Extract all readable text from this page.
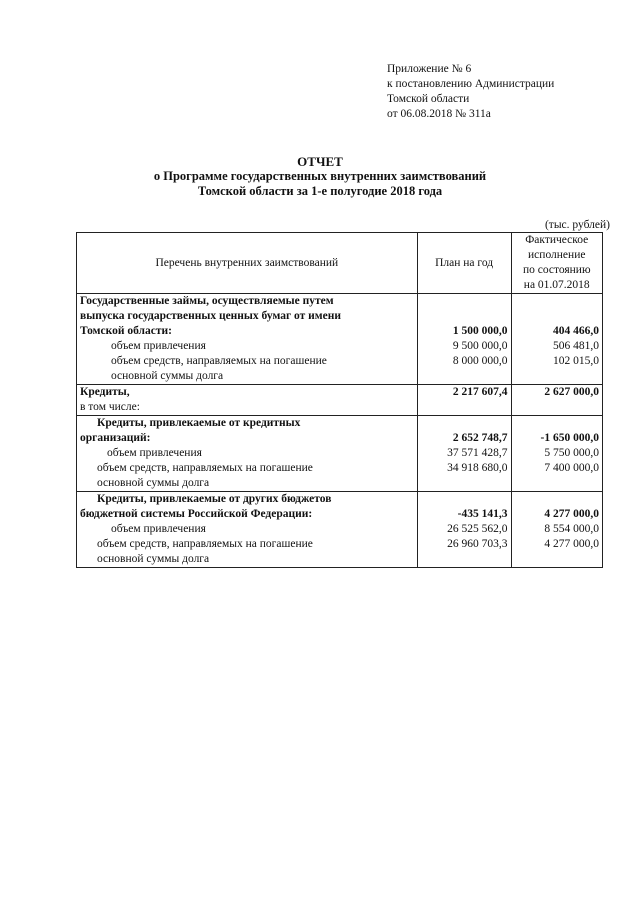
Приложение № 6
к постановлению Администрации
Томской области
от 06.08.2018 № 311а
ОТЧЕТ
о Программе государственных внутренних заимствований
Томской области за 1-е полугодие 2018 года
(тыс. рублей)
Перечень внутренних заимствований	План на год	Фактическое
исполнение
по состоянию
на 01.07.2018

Государственные займы, осуществляемые путем		
выпуска государственных ценных бумаг от имени		
Томской области:	1 500 000,0	404 466,0
объем привлечения	9 500 000,0	506 481,0
объем средств, направляемых на погашение	8 000 000,0	102 015,0
основной суммы долга		
Кредиты,	2 217 607,4	2 627 000,0
в том числе:		
Кредиты, привлекаемые от кредитных		
организаций:	2 652 748,7	-1 650 000,0
объем привлечения	37 571 428,7	5 750 000,0
объем средств, направляемых на погашение	34 918 680,0	7 400 000,0
основной суммы долга		
Кредиты, привлекаемые от других бюджетов		
бюджетной системы Российской Федерации:	-435 141,3	4 277 000,0
объем привлечения	26 525 562,0	8 554 000,0
объем средств, направляемых на погашение	26 960 703,3	4 277 000,0
основной суммы долга		
